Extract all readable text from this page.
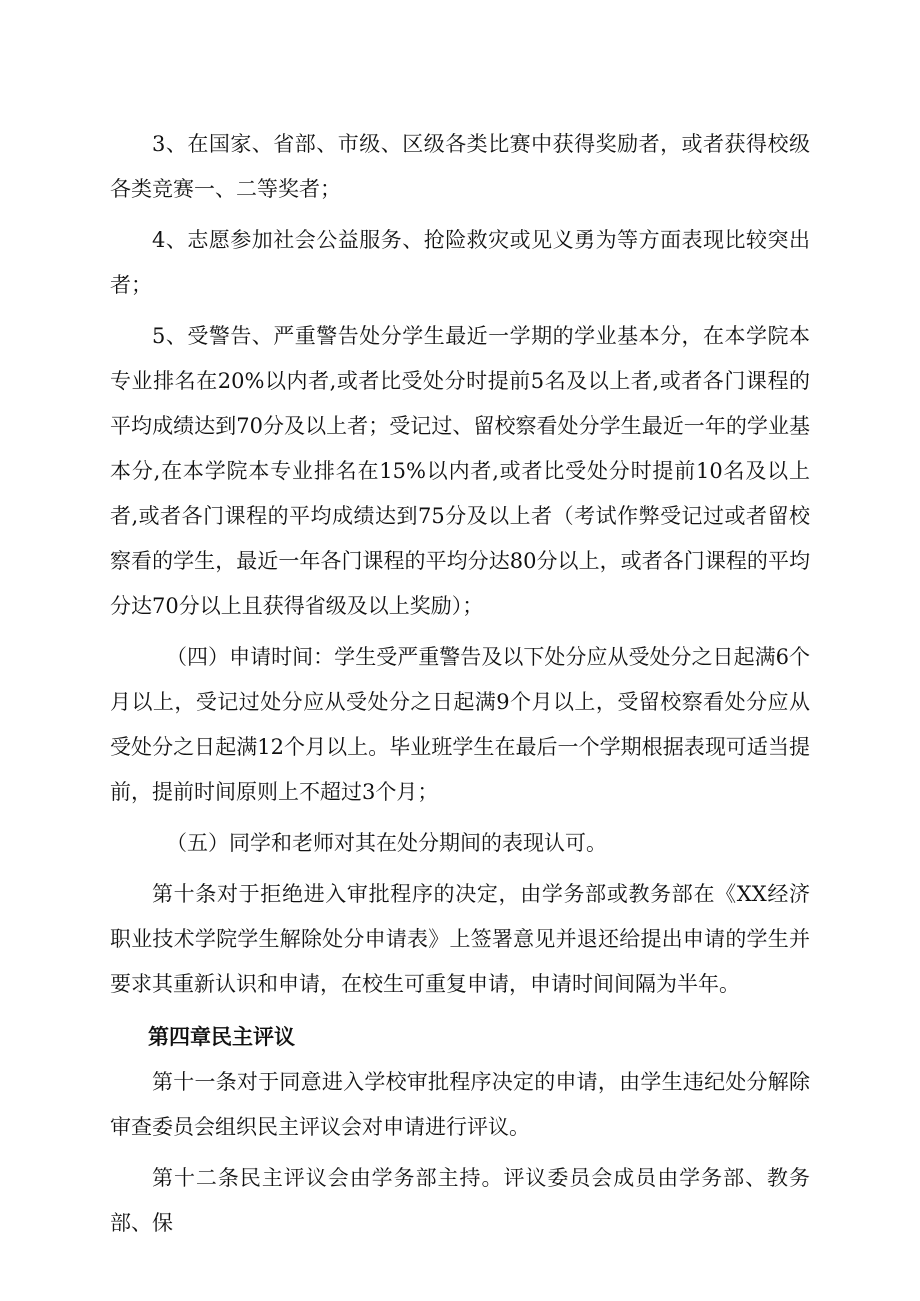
3、在国家、省部、市级、区级各类比赛中获得奖励者，或者获得校级各类竞赛一、二等奖者；

4、志愿参加社会公益服务、抢险救灾或见义勇为等方面表现比较突出者；

5、受警告、严重警告处分学生最近一学期的学业基本分，在本学院本专业排名在20%以内者,或者比受处分时提前5名及以上者,或者各门课程的平均成绩达到70分及以上者；受记过、留校察看处分学生最近一年的学业基本分,在本学院本专业排名在15%以内者,或者比受处分时提前10名及以上者,或者各门课程的平均成绩达到75分及以上者（考试作弊受记过或者留校察看的学生，最近一年各门课程的平均分达80分以上，或者各门课程的平均分达70分以上且获得省级及以上奖励）；

（四）申请时间：学生受严重警告及以下处分应从受处分之日起满6个月以上，受记过处分应从受处分之日起满9个月以上，受留校察看处分应从受处分之日起满12个月以上。毕业班学生在最后一个学期根据表现可适当提前，提前时间原则上不超过3个月；

（五）同学和老师对其在处分期间的表现认可。

第十条对于拒绝进入审批程序的决定，由学务部或教务部在《XX经济职业技术学院学生解除处分申请表》上签署意见并退还给提出申请的学生并要求其重新认识和申请，在校生可重复申请，申请时间间隔为半年。

第四章民主评议

第十一条对于同意进入学校审批程序决定的申请，由学生违纪处分解除审查委员会组织民主评议会对申请进行评议。

第十二条民主评议会由学务部主持。评议委员会成员由学务部、教务部、保
